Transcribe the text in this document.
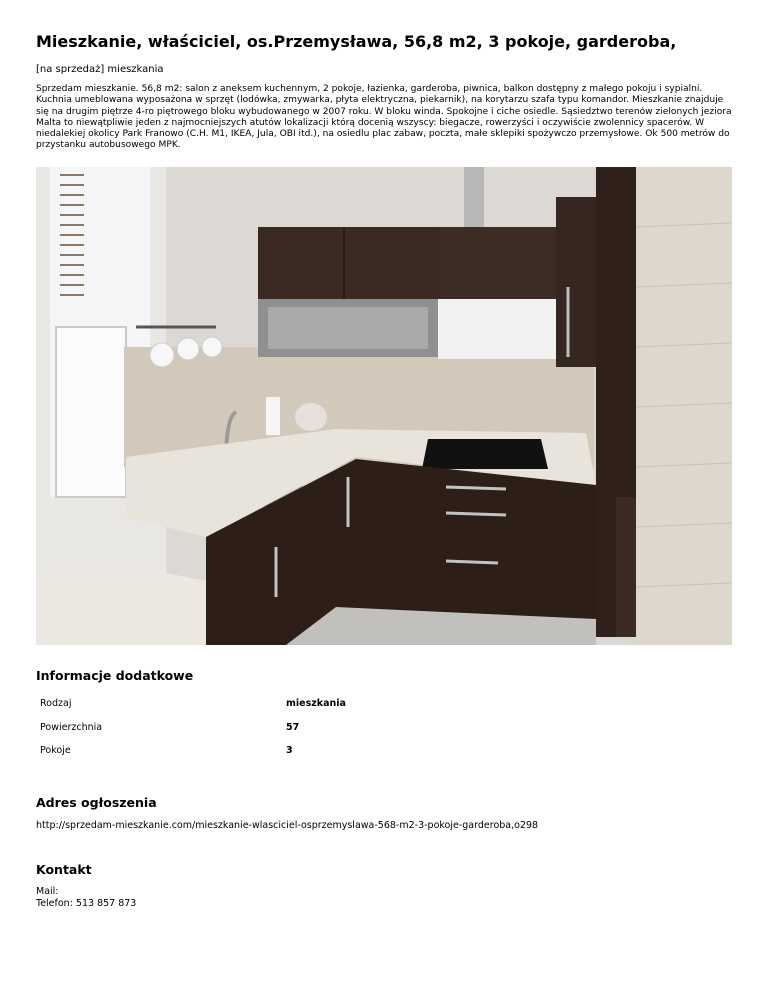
Mieszkanie, właściciel, os.Przemysława, 56,8 m2, 3 pokoje, garderoba,
[na sprzedaż] mieszkania
Sprzedam mieszkanie. 56,8 m2: salon z aneksem kuchennym, 2 pokoje, łazienka, garderoba, piwnica, balkon dostępny z małego pokoju i sypialni. Kuchnia umeblowana wyposażona w sprzęt (lodówka, zmywarka, płyta elektryczna, piekarnik), na korytarzu szafa typu komandor. Mieszkanie znajduje się na drugim piętrze 4-ro piętrowego bloku wybudowanego w 2007 roku. W bloku winda. Spokojne i ciche osiedle. Sąsiedztwo terenów zielonych jeziora Malta to niewątpliwie jeden z najmocniejszych atutów lokalizacji którą docenią wszyscy: biegacze, rowerzyści i oczywiście zwolennicy spacerów. W niedalekiej okolicy Park Franowo (C.H. M1, IKEA, Jula, OBI itd.), na osiedlu plac zabaw, poczta, małe sklepiki spożywczo przemysłowe. Ok 500 metrów do przystanku autobusowego MPK.
Informacje dodatkowe
Rodzaj	mieszkania
Powierzchnia	57
Pokoje	3
Adres ogłoszenia
http://sprzedam-mieszkanie.com/mieszkanie-wlasciciel-osprzemyslawa-568-m2-3-pokoje-garderoba,o298
Kontakt
Mail:
Telefon: 513 857 873
